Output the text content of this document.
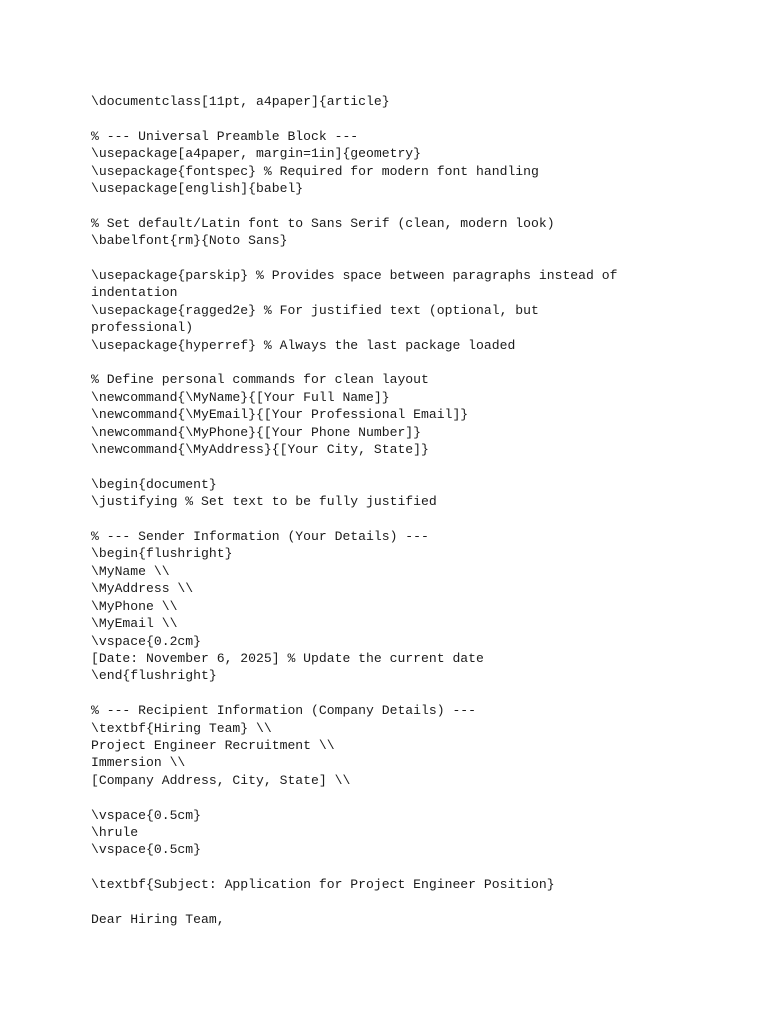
\documentclass[11pt, a4paper]{article}
% --- Universal Preamble Block ---
\usepackage[a4paper, margin=1in]{geometry}
\usepackage{fontspec} % Required for modern font handling
\usepackage[english]{babel}
% Set default/Latin font to Sans Serif (clean, modern look)
\babelfont{rm}{Noto Sans}
\usepackage{parskip} % Provides space between paragraphs instead of
indentation
\usepackage{ragged2e} % For justified text (optional, but
professional)
\usepackage{hyperref} % Always the last package loaded
% Define personal commands for clean layout
\newcommand{\MyName}{[Your Full Name]}
\newcommand{\MyEmail}{[Your Professional Email]}
\newcommand{\MyPhone}{[Your Phone Number]}
\newcommand{\MyAddress}{[Your City, State]}
\begin{document}
\justifying % Set text to be fully justified
% --- Sender Information (Your Details) ---
\begin{flushright}
\MyName \\
\MyAddress \\
\MyPhone \\
\MyEmail \\
\vspace{0.2cm}
[Date: November 6, 2025] % Update the current date
\end{flushright}
% --- Recipient Information (Company Details) ---
\textbf{Hiring Team} \\
Project Engineer Recruitment \\
Immersion \\
[Company Address, City, State] \\
\vspace{0.5cm}
\hrule
\vspace{0.5cm}
\textbf{Subject: Application for Project Engineer Position}
Dear Hiring Team,
